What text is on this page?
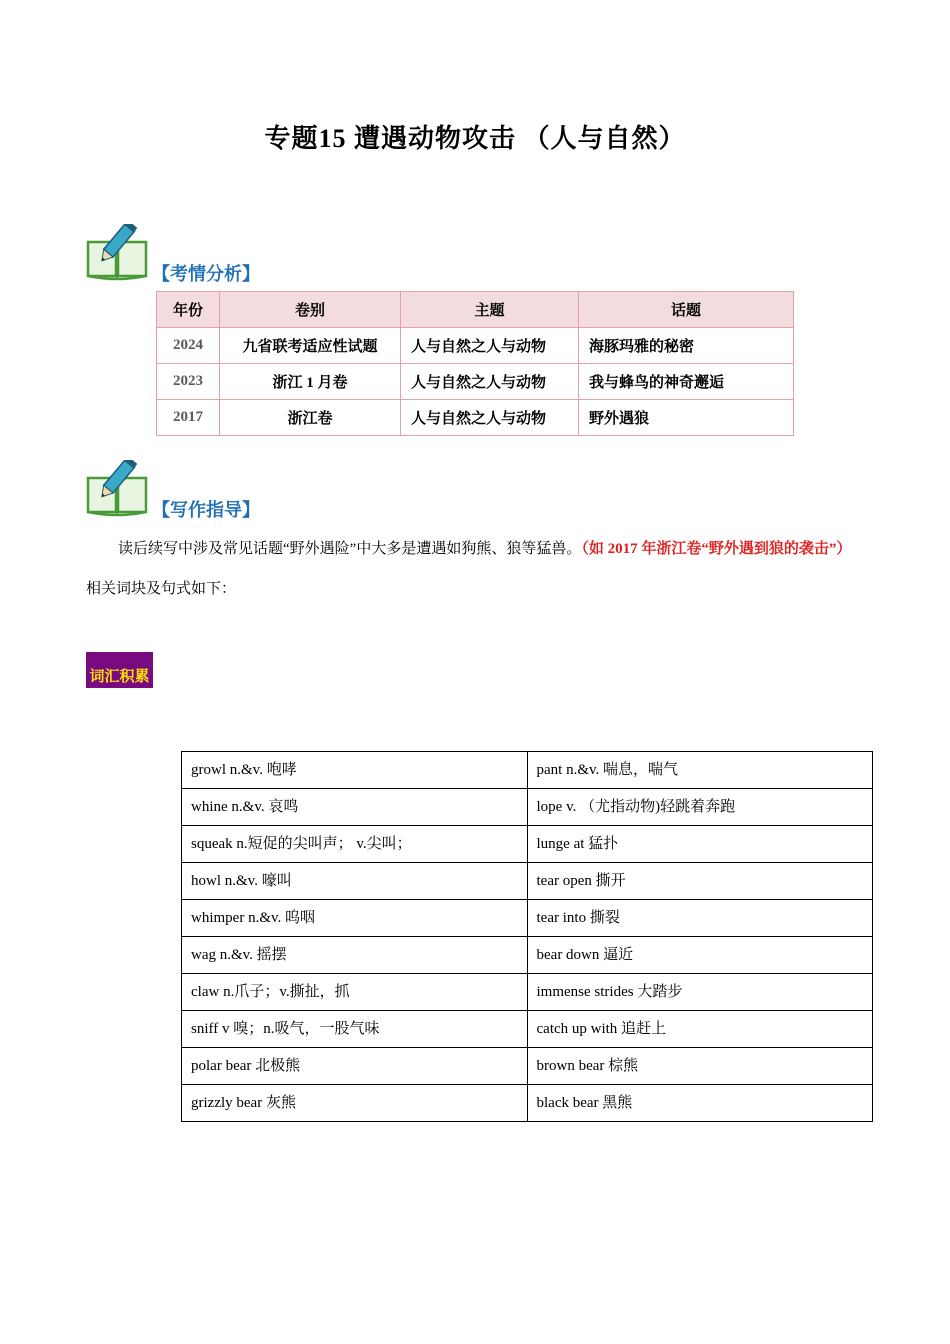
专题15 遭遇动物攻击 （人与自然）
【考情分析】
年份	卷别	主题	话题
2024	九省联考适应性试题	人与自然之人与动物	海豚玛雅的秘密
2023	浙江 1 月卷	人与自然之人与动物	我与蜂鸟的神奇邂逅
2017	浙江卷	人与自然之人与动物	野外遇狼
【写作指导】
读后续写中涉及常见话题“野外遇险”中大多是遭遇如狗熊、狼等猛兽。（如 2017 年浙江卷“野外遇到狼的袭击”）相关词块及句式如下：
词汇积累
growl n.&v. 咆哮	pant n.&v. 喘息，喘气
whine n.&v. 哀鸣	lope v. （尤指动物)轻跳着奔跑
squeak n.短促的尖叫声； v.尖叫；	lunge at 猛扑
howl n.&v. 嚎叫	tear open 撕开
whimper n.&v. 呜咽	tear into 撕裂
wag n.&v. 摇摆	bear down 逼近
claw n.爪子；v.撕扯，抓	immense strides 大踏步
sniff v 嗅；n.吸气，一股气味	catch up with 追赶上
polar bear 北极熊	brown bear 棕熊
grizzly bear 灰熊	black bear 黑熊
